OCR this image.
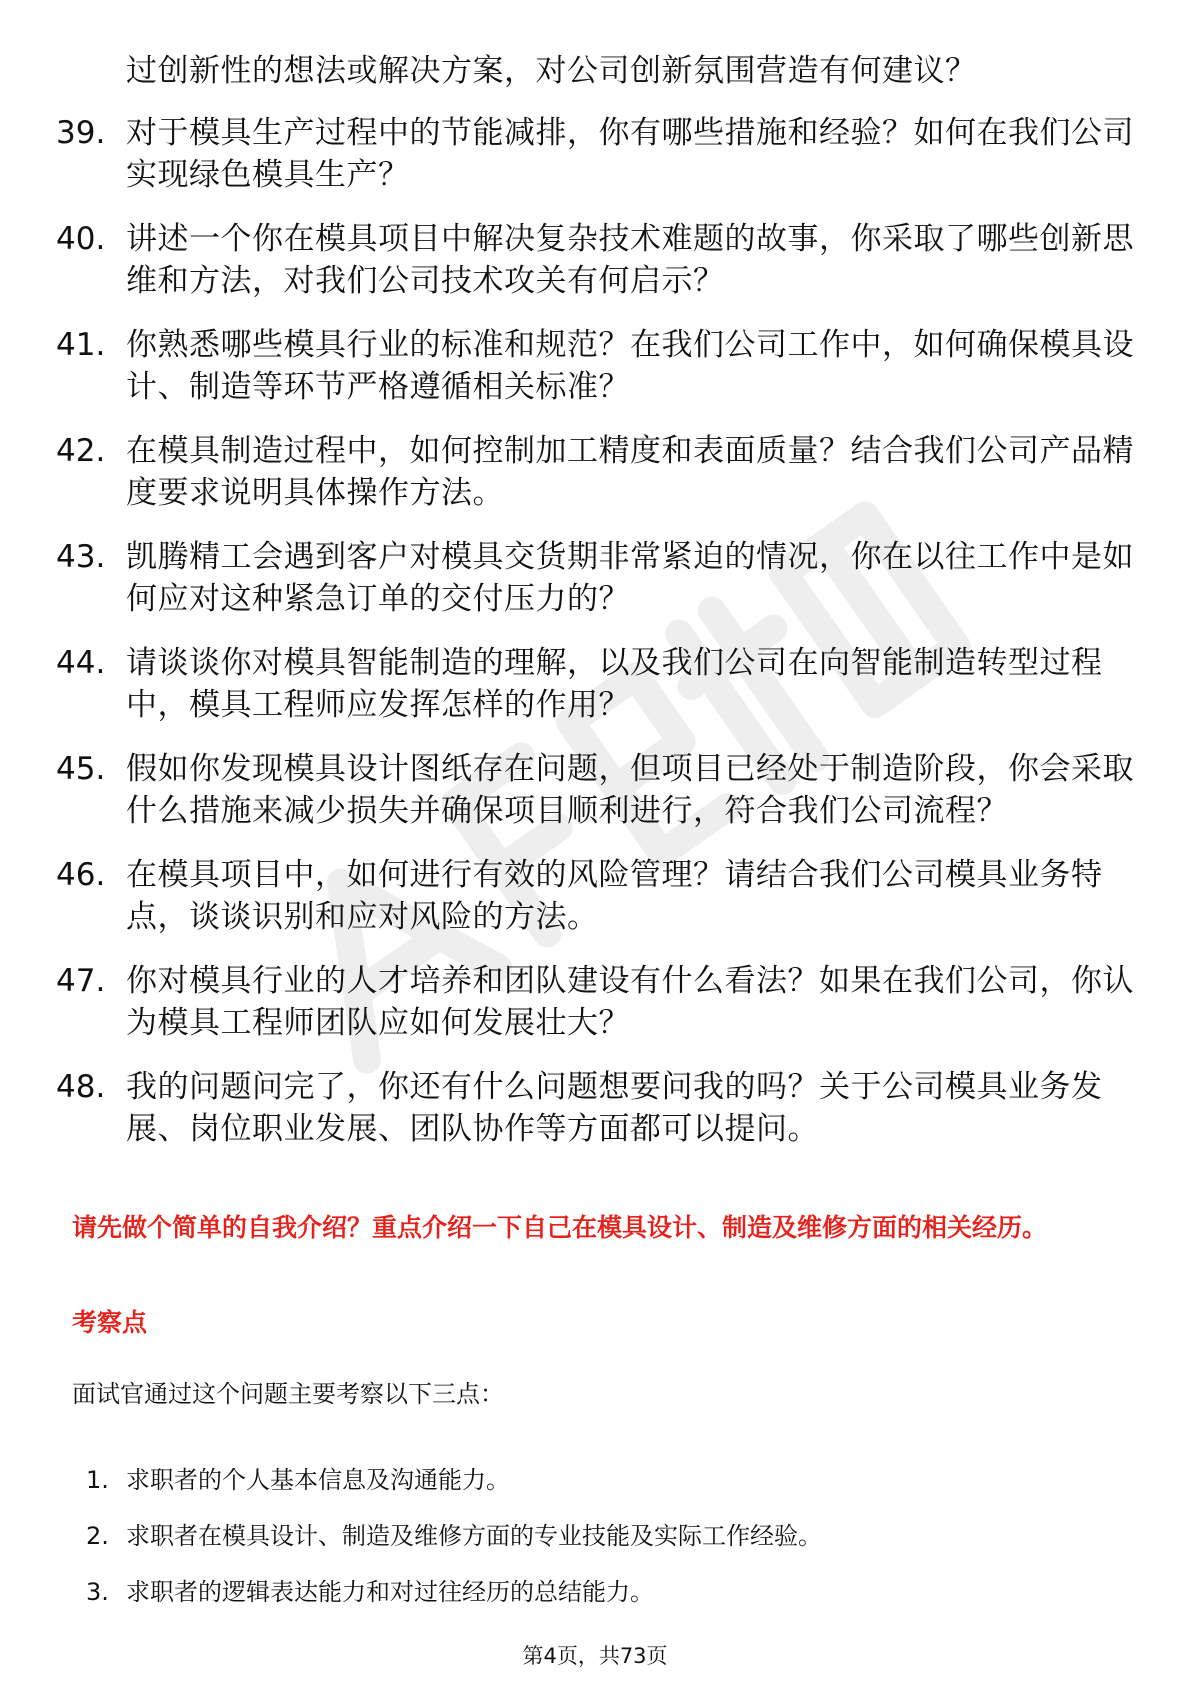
过创新性的想法或解决方案，对公司创新氛围营造有何建议？
39. 对于模具生产过程中的节能减排，你有哪些措施和经验？如何在我们公司实现绿色模具生产？
40. 讲述一个你在模具项目中解决复杂技术难题的故事，你采取了哪些创新思维和方法，对我们公司技术攻关有何启示？
41. 你熟悉哪些模具行业的标准和规范？在我们公司工作中，如何确保模具设计、制造等环节严格遵循相关标准？
42. 在模具制造过程中，如何控制加工精度和表面质量？结合我们公司产品精度要求说明具体操作方法。
43. 凯腾精工会遇到客户对模具交货期非常紧迫的情况，你在以往工作中是如何应对这种紧急订单的交付压力的？
44. 请谈谈你对模具智能制造的理解，以及我们公司在向智能制造转型过程中，模具工程师应发挥怎样的作用？
45. 假如你发现模具设计图纸存在问题，但项目已经处于制造阶段，你会采取什么措施来减少损失并确保项目顺利进行，符合我们公司流程？
46. 在模具项目中，如何进行有效的风险管理？请结合我们公司模具业务特点，谈谈识别和应对风险的方法。
47. 你对模具行业的人才培养和团队建设有什么看法？如果在我们公司，你认为模具工程师团队应如何发展壮大？
48. 我的问题问完了，你还有什么问题想要问我的吗？关于公司模具业务发展、岗位职业发展、团队协作等方面都可以提问。
请先做个简单的自我介绍？重点介绍一下自己在模具设计、制造及维修方面的相关经历。
考察点
面试官通过这个问题主要考察以下三点：
1. 求职者的个人基本信息及沟通能力。
2. 求职者在模具设计、制造及维修方面的专业技能及实际工作经验。
3. 求职者的逻辑表达能力和对过往经历的总结能力。
第4页，共73页
